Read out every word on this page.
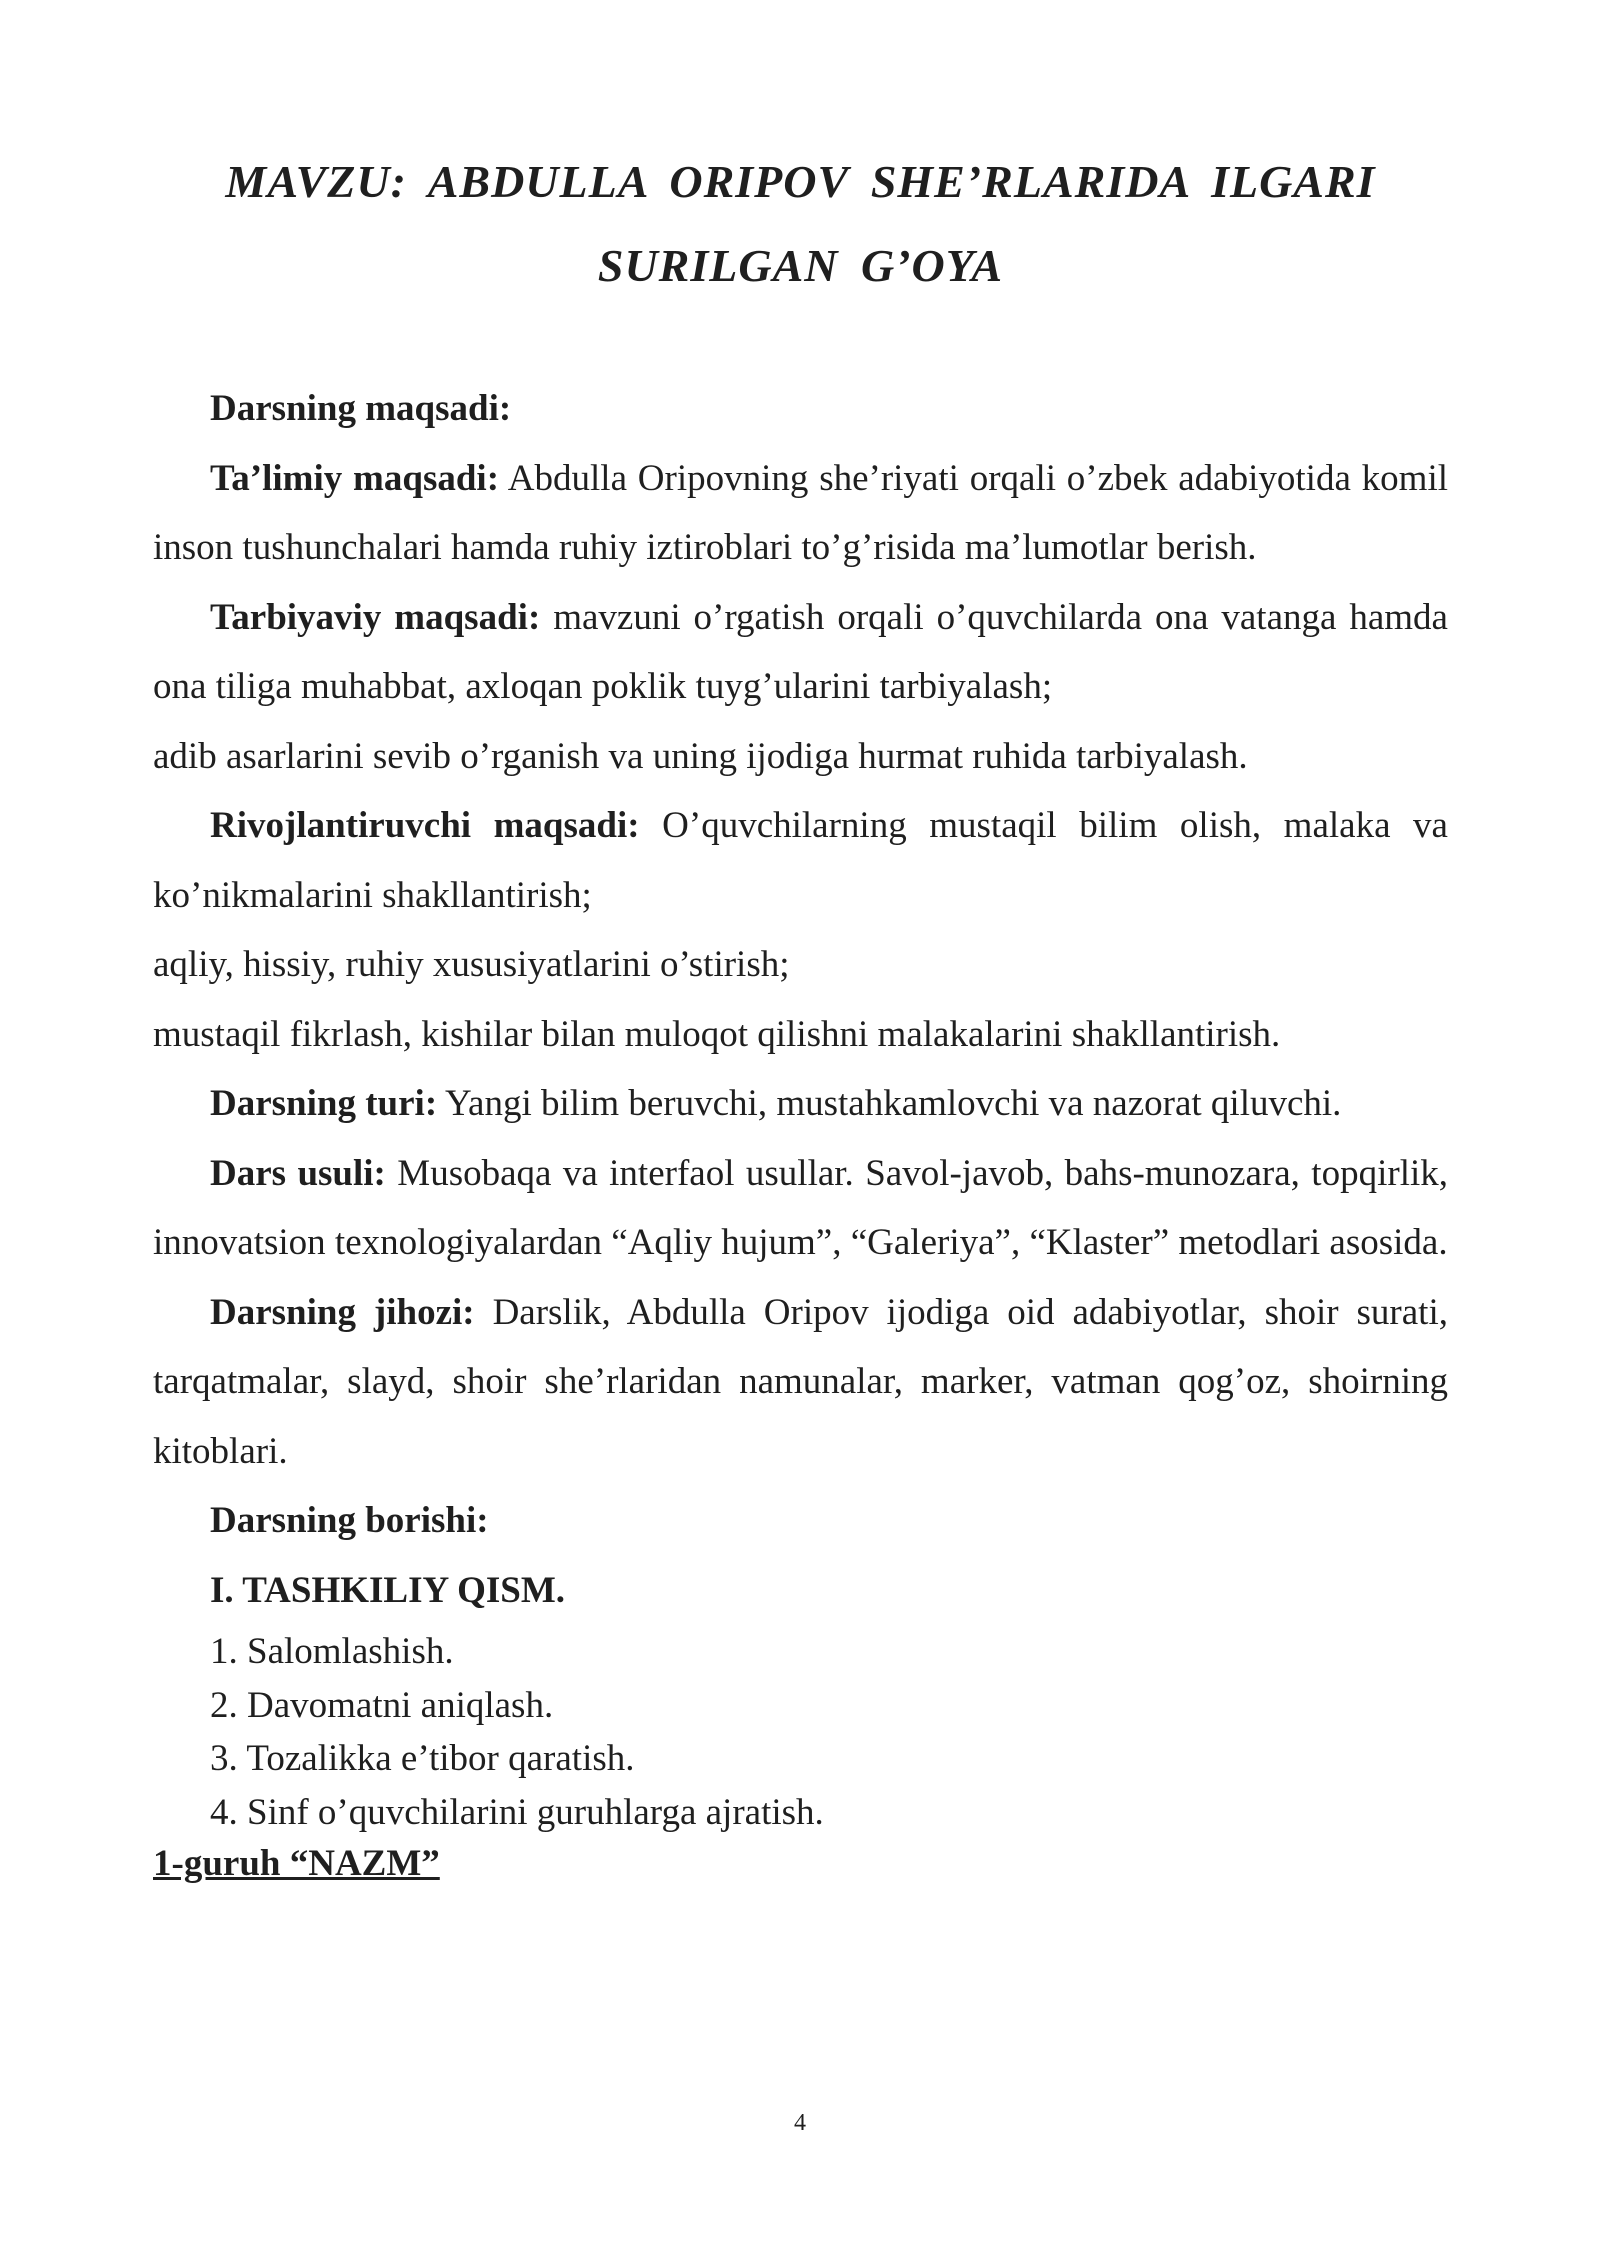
MAVZU: ABDULLA ORIPOV SHE’RLARIDA ILGARI
SURILGAN G’OYA

Darsning maqsadi:

Ta’limiy maqsadi: Abdulla Oripovning she’riyati orqali o’zbek adabiyotida komil inson tushunchalari hamda ruhiy iztiroblari to’g’risida ma’lumotlar berish.

Tarbiyaviy maqsadi: mavzuni o’rgatish orqali o’quvchilarda ona vatanga hamda ona tiliga muhabbat, axloqan poklik tuyg’ularini tarbiyalash;

adib asarlarini sevib o’rganish va uning ijodiga hurmat ruhida tarbiyalash.

Rivojlantiruvchi maqsadi: O’quvchilarning mustaqil bilim olish, malaka va ko’nikmalarini shakllantirish;

aqliy, hissiy, ruhiy xususiyatlarini o’stirish;

mustaqil fikrlash, kishilar bilan muloqot qilishni malakalarini shakllantirish.

Darsning turi: Yangi bilim beruvchi, mustahkamlovchi va nazorat qiluvchi.

Dars usuli: Musobaqa va interfaol usullar. Savol-javob, bahs-munozara, topqirlik, innovatsion texnologiyalardan “Aqliy hujum”, “Galeriya”, “Klaster” metodlari asosida.

Darsning jihozi: Darslik, Abdulla Oripov ijodiga oid adabiyotlar, shoir surati, tarqatmalar, slayd, shoir she’rlaridan namunalar, marker, vatman qog’oz, shoirning kitoblari.

Darsning borishi:

I. TASHKILIY QISM.

1. Salomlashish.
2. Davomatni aniqlash.
3. Tozalikka e’tibor qaratish.
4. Sinf o’quvchilarini guruhlarga ajratish.

1-guruh “NAZM”

4
